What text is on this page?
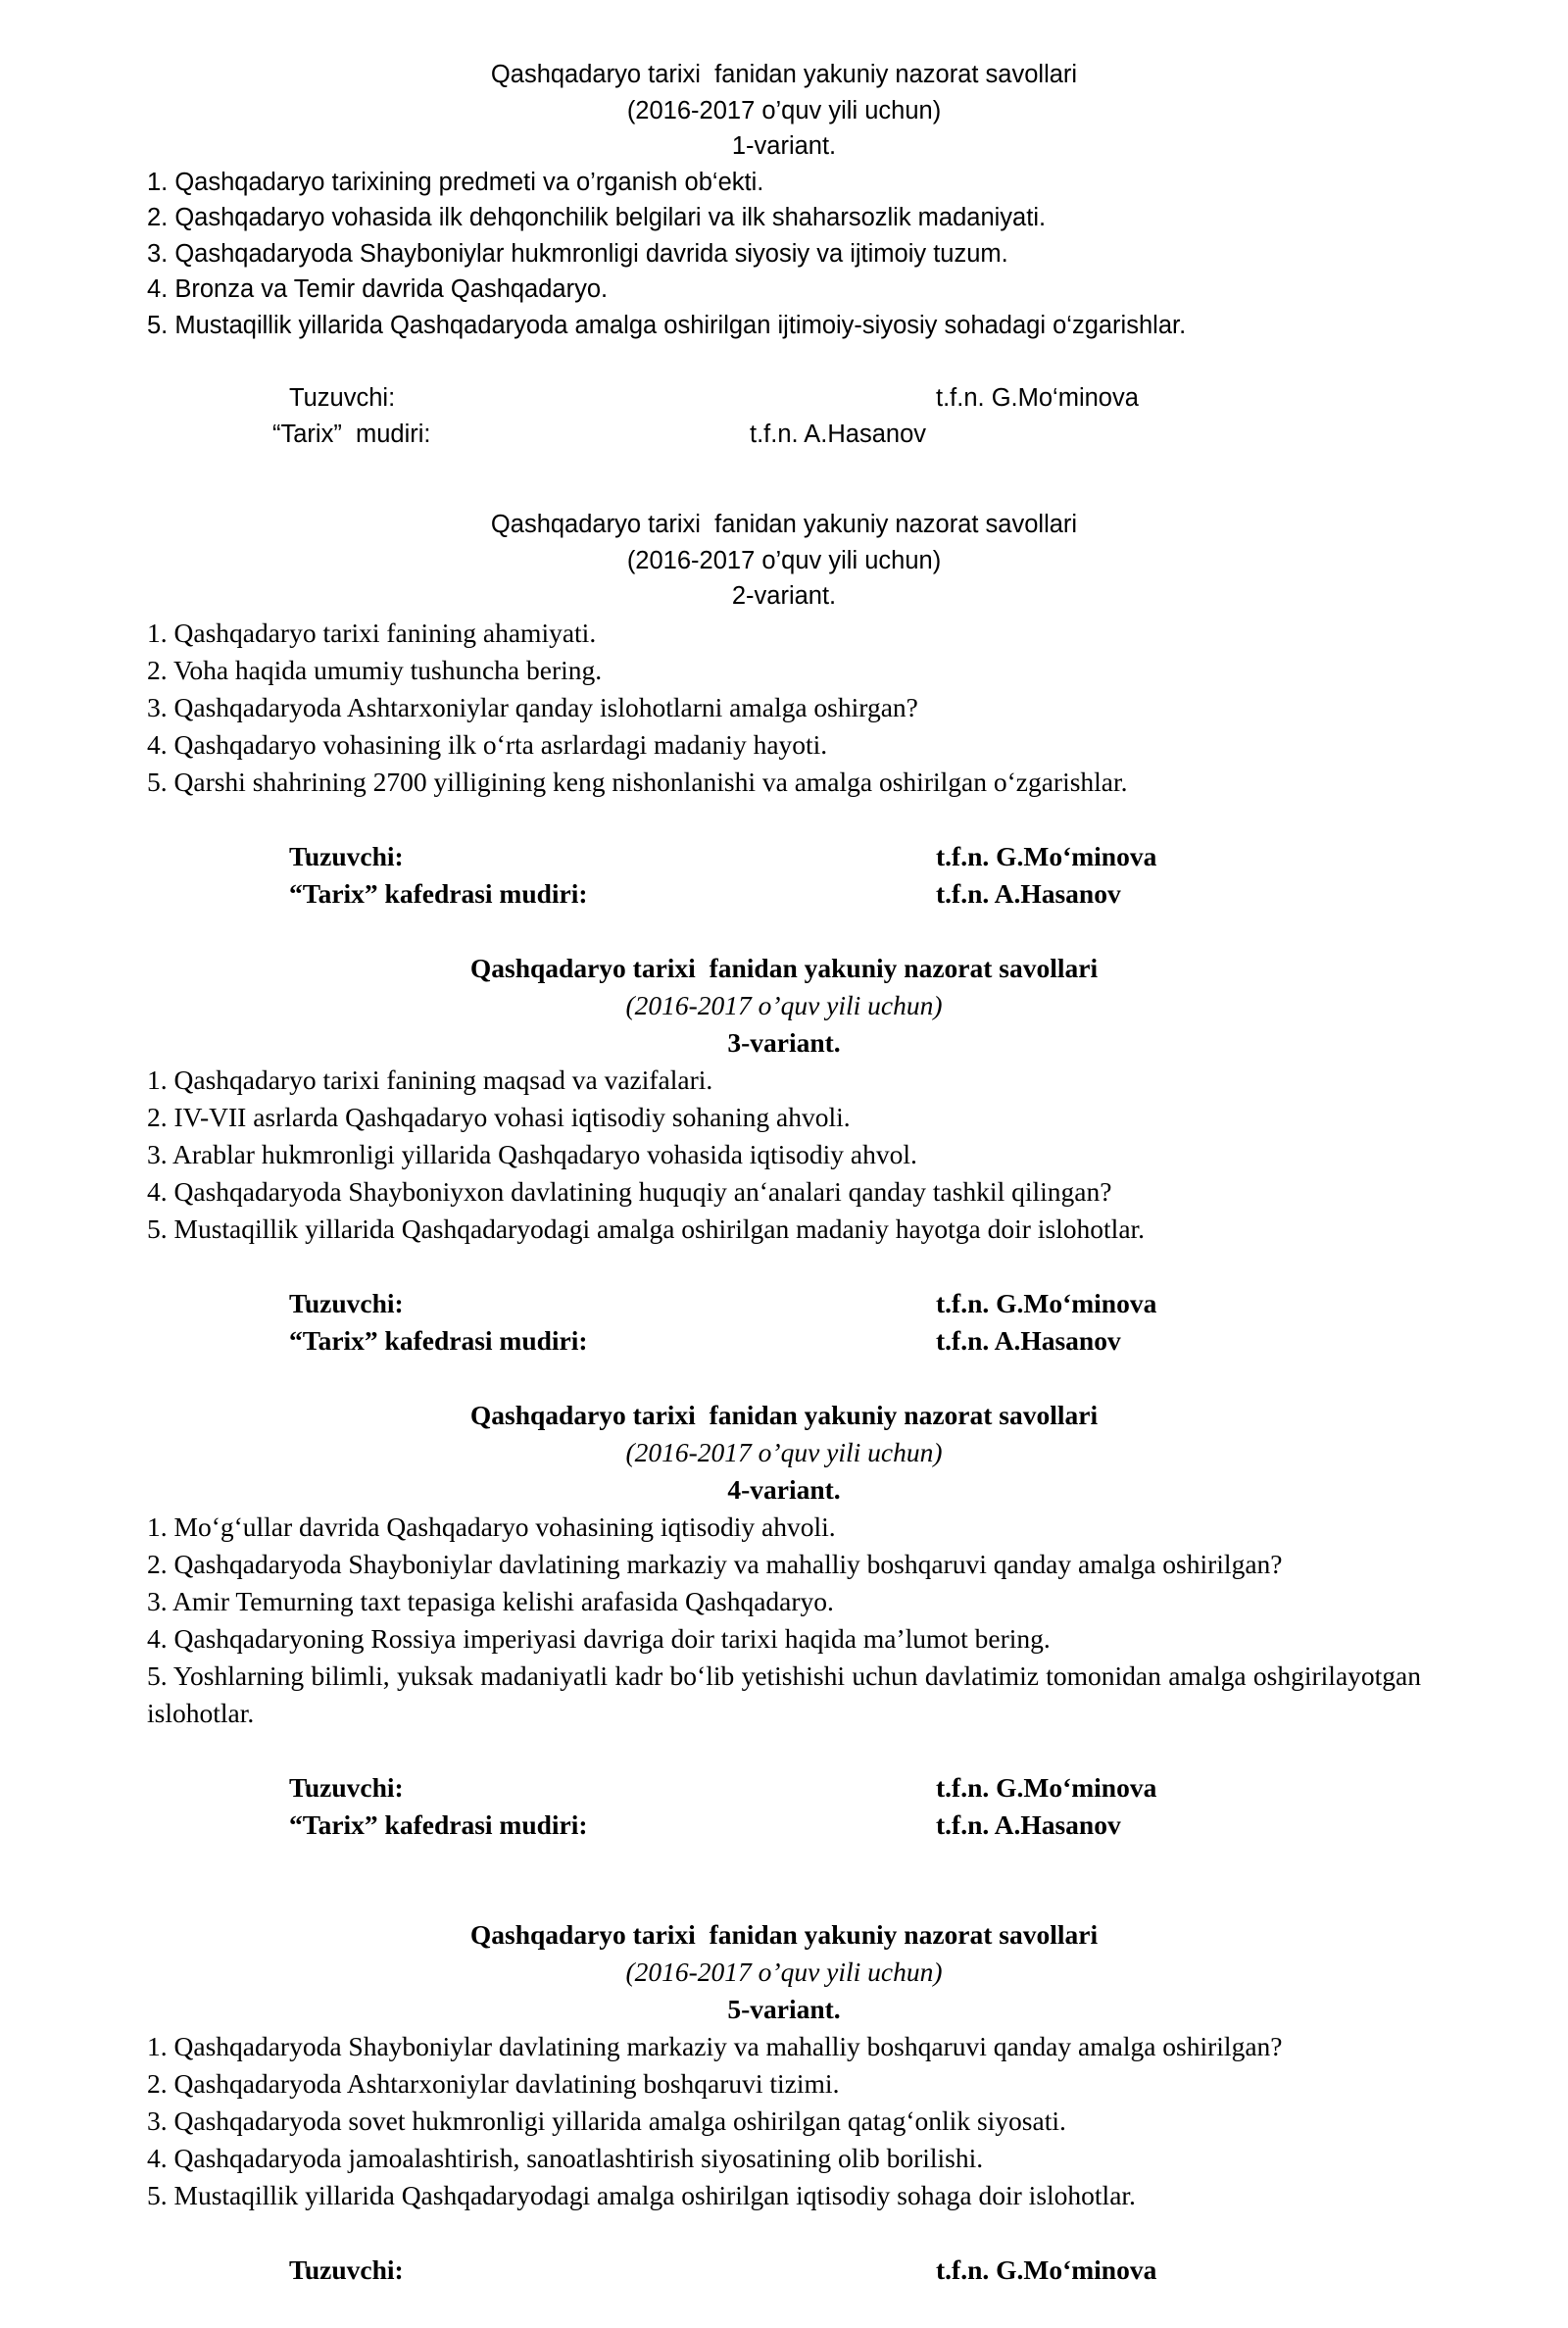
Qashqadaryo tarixi  fanidan yakuniy nazorat savollari
(2016-2017 o’quv yili uchun)
1-variant.
1. Qashqadaryo tarixining predmeti va o’rganish ob‘ekti.
2. Qashqadaryo vohasida ilk dehqonchilik belgilari va ilk shaharsozlik madaniyati.
3. Qashqadaryoda Shayboniylar hukmronligi davrida siyosiy va ijtimoiy tuzum.
4. Bronza va Temir davrida Qashqadaryo.
5. Mustaqillik yillarida Qashqadaryoda amalga oshirilgan ijtimoiy-siyosiy sohadagi o‘zgarishlar.
Tuzuvchi:	t.f.n. G.Mo‘minova
“Tarix”  mudiri:	t.f.n. A.Hasanov
Qashqadaryo tarixi  fanidan yakuniy nazorat savollari
(2016-2017 o’quv yili uchun)
2-variant.
1. Qashqadaryo tarixi fanining ahamiyati.
2. Voha haqida umumiy tushuncha bering.
3. Qashqadaryoda Ashtarxoniylar qanday islohotlarni amalga oshirgan?
4. Qashqadaryo vohasining ilk o‘rta asrlardagi madaniy hayoti.
5. Qarshi shahrining 2700 yilligining keng nishonlanishi va amalga oshirilgan o‘zgarishlar.
Tuzuvchi:	t.f.n. G.Mo‘minova
“Tarix” kafedrasi mudiri:	t.f.n. A.Hasanov
Qashqadaryo tarixi  fanidan yakuniy nazorat savollari
(2016-2017 o’quv yili uchun)
3-variant.
1. Qashqadaryo tarixi fanining maqsad va vazifalari.
2. IV-VII asrlarda Qashqadaryo vohasi iqtisodiy sohaning ahvoli.
3. Arablar hukmronligi yillarida Qashqadaryo vohasida iqtisodiy ahvol.
4. Qashqadaryoda Shayboniyxon davlatining huquqiy an‘analari qanday tashkil qilingan?
5. Mustaqillik yillarida Qashqadaryodagi amalga oshirilgan madaniy hayotga doir islohotlar.
Tuzuvchi:	t.f.n. G.Mo‘minova
“Tarix” kafedrasi mudiri:	t.f.n. A.Hasanov
Qashqadaryo tarixi  fanidan yakuniy nazorat savollari
(2016-2017 o’quv yili uchun)
4-variant.
1. Mo‘g‘ullar davrida Qashqadaryo vohasining iqtisodiy ahvoli.
2. Qashqadaryoda Shayboniylar davlatining markaziy va mahalliy boshqaruvi qanday amalga oshirilgan?
3. Amir Temurning taxt tepasiga kelishi arafasida Qashqadaryo.
4. Qashqadaryoning Rossiya imperiyasi davriga doir tarixi haqida ma’lumot bering.
5. Yoshlarning bilimli, yuksak madaniyatli kadr bo‘lib yetishishi uchun davlatimiz tomonidan amalga oshgirilayotgan islohotlar.
Tuzuvchi:	t.f.n. G.Mo‘minova
“Tarix” kafedrasi mudiri:	t.f.n. A.Hasanov
Qashqadaryo tarixi  fanidan yakuniy nazorat savollari
(2016-2017 o’quv yili uchun)
5-variant.
1. Qashqadaryoda Shayboniylar davlatining markaziy va mahalliy boshqaruvi qanday amalga oshirilgan?
2. Qashqadaryoda Ashtarxoniylar davlatining boshqaruvi tizimi.
3. Qashqadaryoda sovet hukmronligi yillarida amalga oshirilgan qatag‘onlik siyosati.
4. Qashqadaryoda jamoalashtirish, sanoatlashtirish siyosatining olib borilishi.
5. Mustaqillik yillarida Qashqadaryodagi amalga oshirilgan iqtisodiy sohaga doir islohotlar.
Tuzuvchi:	t.f.n. G.Mo‘minova
